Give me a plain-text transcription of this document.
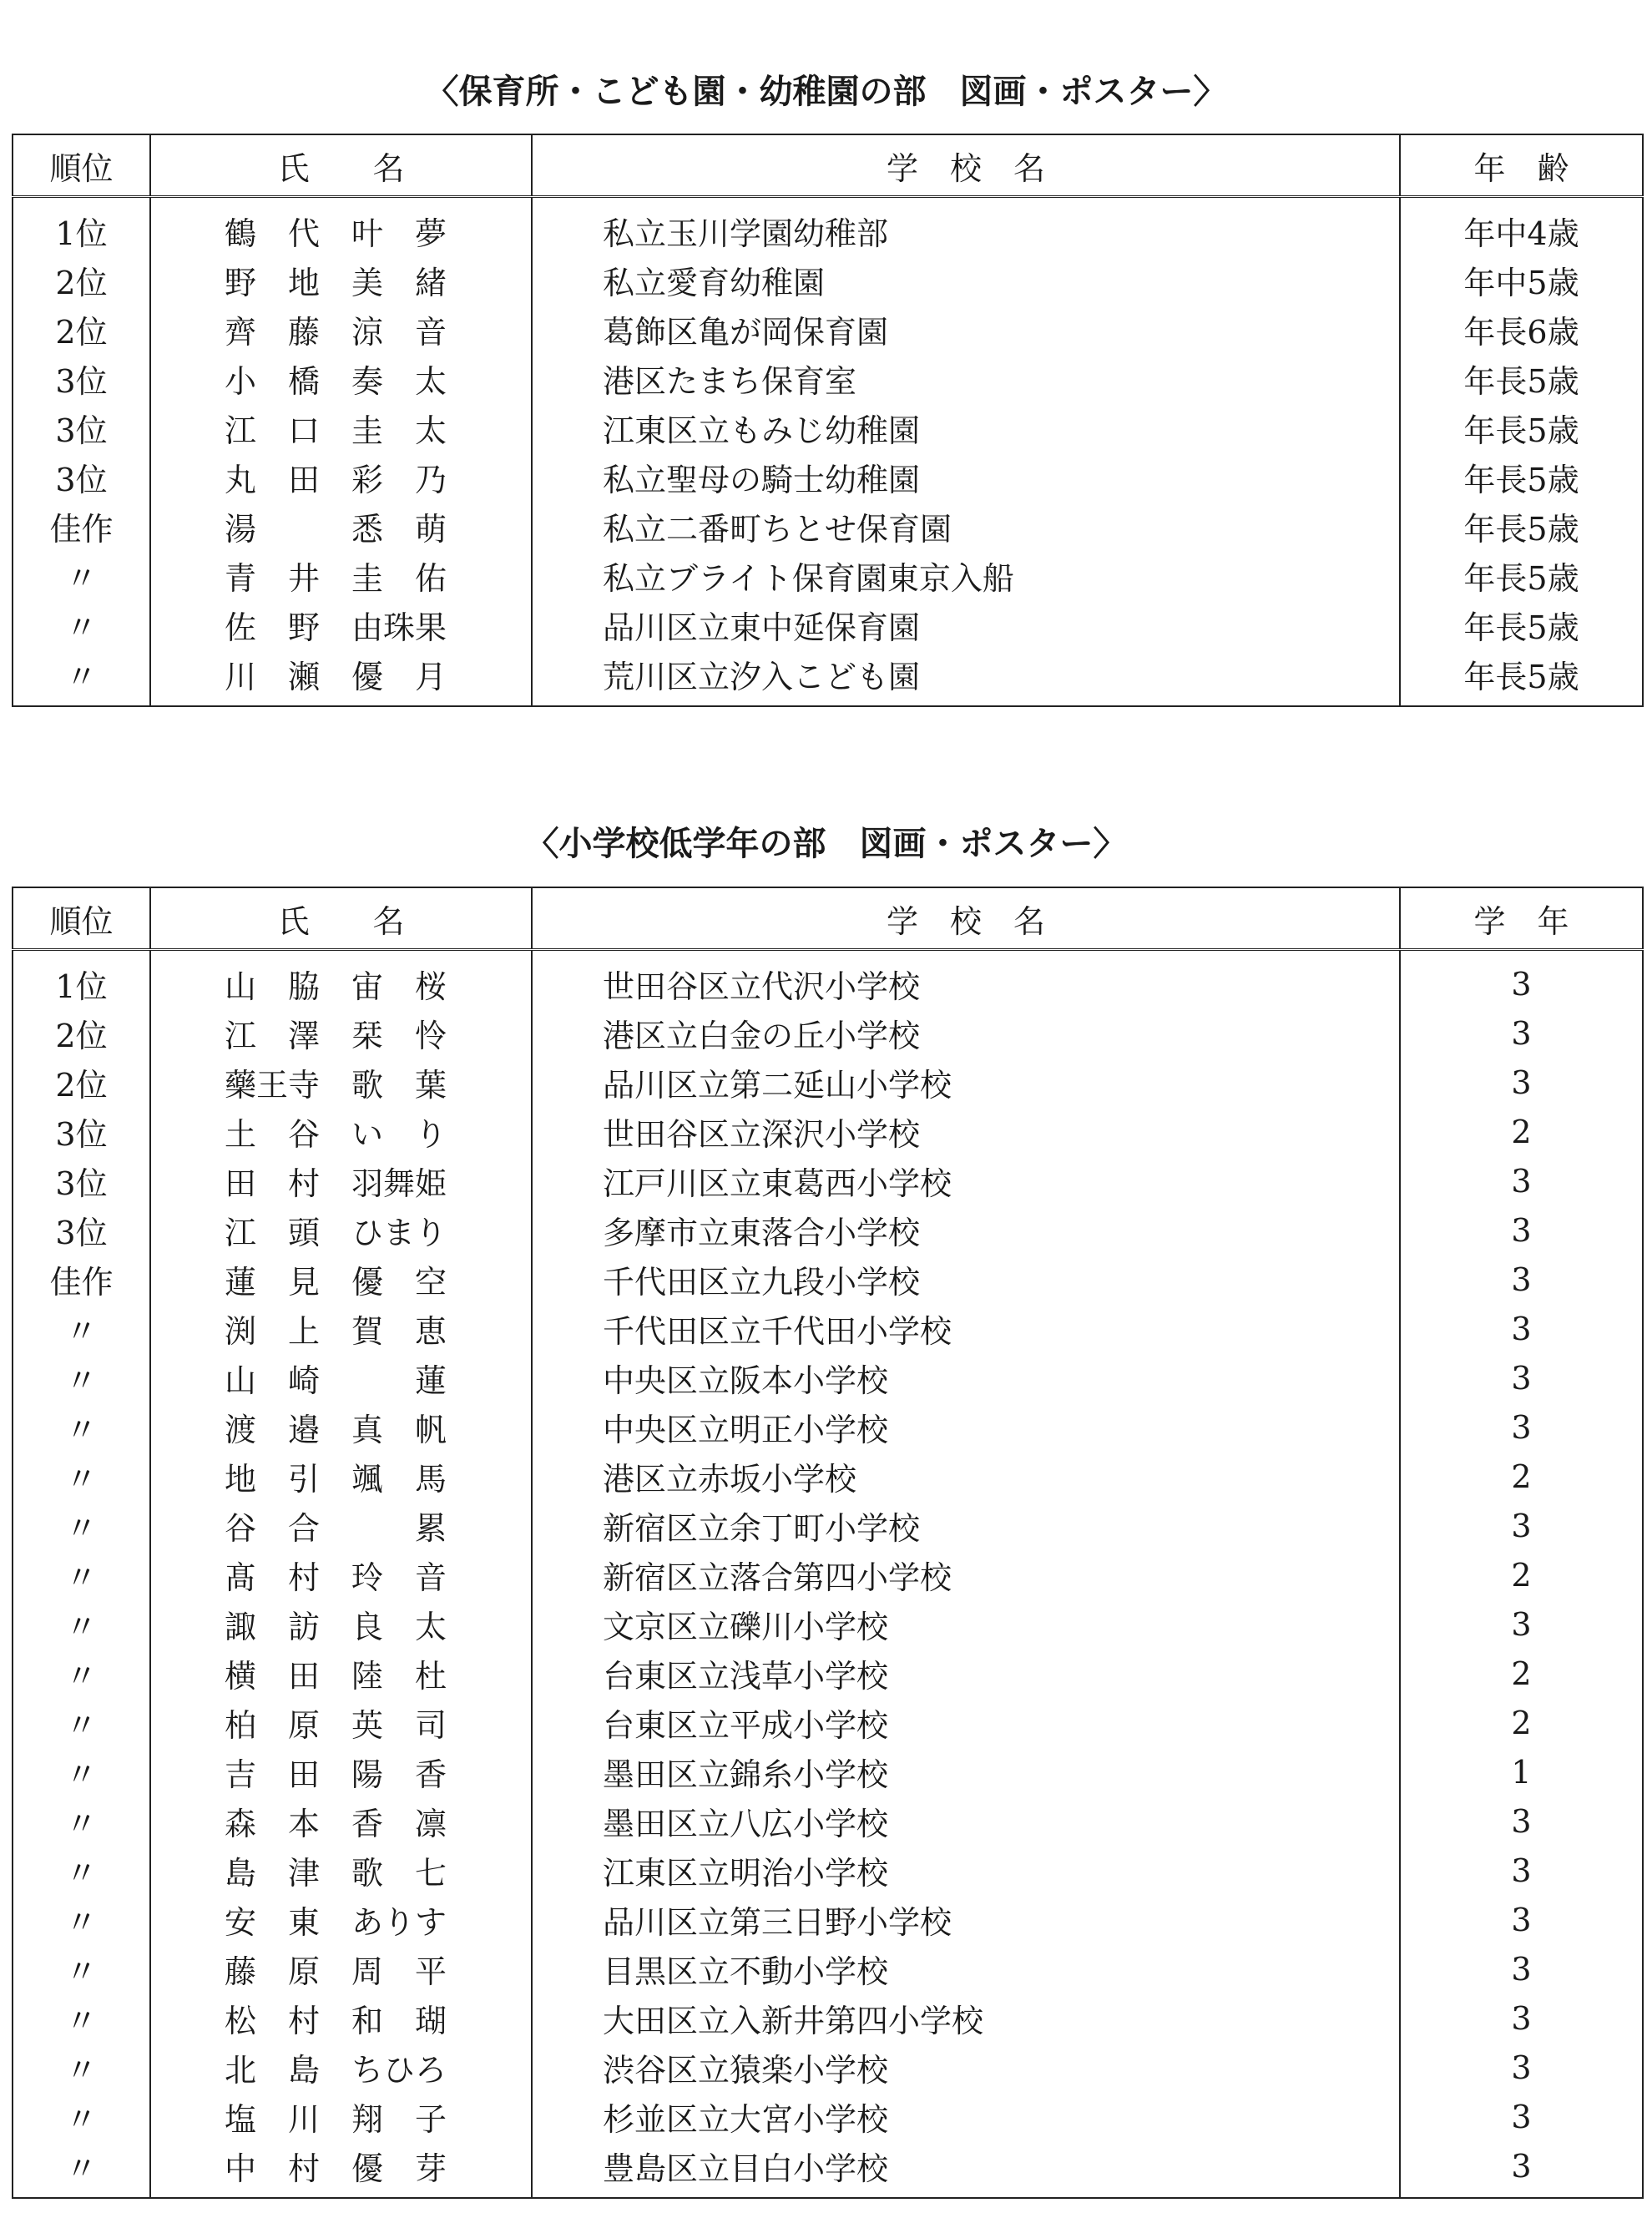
〈保育所・こども園・幼稚園の部　図画・ポスター〉
順位	氏　　名	学　校　名	年　齢
1位	鶴　代　叶　夢	私立玉川学園幼稚部	年中4歳
2位	野　地　美　緒	私立愛育幼稚園	年中5歳
2位	齊　藤　涼　音	葛飾区亀が岡保育園	年長6歳
3位	小　橋　奏　太	港区たまち保育室	年長5歳
3位	江　口　圭　太	江東区立もみじ幼稚園	年長5歳
3位	丸　田　彩　乃	私立聖母の騎士幼稚園	年長5歳
佳作	湯　　　悉　萌	私立二番町ちとせ保育園	年長5歳
〃	青　井　圭　佑	私立ブライト保育園東京入船	年長5歳
〃	佐　野　由珠果	品川区立東中延保育園	年長5歳
〃	川　瀬　優　月	荒川区立汐入こども園	年長5歳
〈小学校低学年の部　図画・ポスター〉
順位	氏　　名	学　校　名	学　年
1位	山　脇　宙　桜	世田谷区立代沢小学校	3
2位	江　澤　栞　怜	港区立白金の丘小学校	3
2位	藥王寺　歌　葉	品川区立第二延山小学校	3
3位	土　谷　い　り	世田谷区立深沢小学校	2
3位	田　村　羽舞姫	江戸川区立東葛西小学校	3
3位	江　頭　ひまり	多摩市立東落合小学校	3
佳作	蓮　見　優　空	千代田区立九段小学校	3
〃	渕　上　賀　恵	千代田区立千代田小学校	3
〃	山　崎　　　蓮	中央区立阪本小学校	3
〃	渡　邉　真　帆	中央区立明正小学校	3
〃	地　引　颯　馬	港区立赤坂小学校	2
〃	谷　合　　　累	新宿区立余丁町小学校	3
〃	髙　村　玲　音	新宿区立落合第四小学校	2
〃	諏　訪　良　太	文京区立礫川小学校	3
〃	横　田　陸　杜	台東区立浅草小学校	2
〃	柏　原　英　司	台東区立平成小学校	2
〃	吉　田　陽　香	墨田区立錦糸小学校	1
〃	森　本　香　凛	墨田区立八広小学校	3
〃	島　津　歌　七	江東区立明治小学校	3
〃	安　東　ありす	品川区立第三日野小学校	3
〃	藤　原　周　平	目黒区立不動小学校	3
〃	松　村　和　瑚	大田区立入新井第四小学校	3
〃	北　島　ちひろ	渋谷区立猿楽小学校	3
〃	塩　川　翔　子	杉並区立大宮小学校	3
〃	中　村　優　芽	豊島区立目白小学校	3
